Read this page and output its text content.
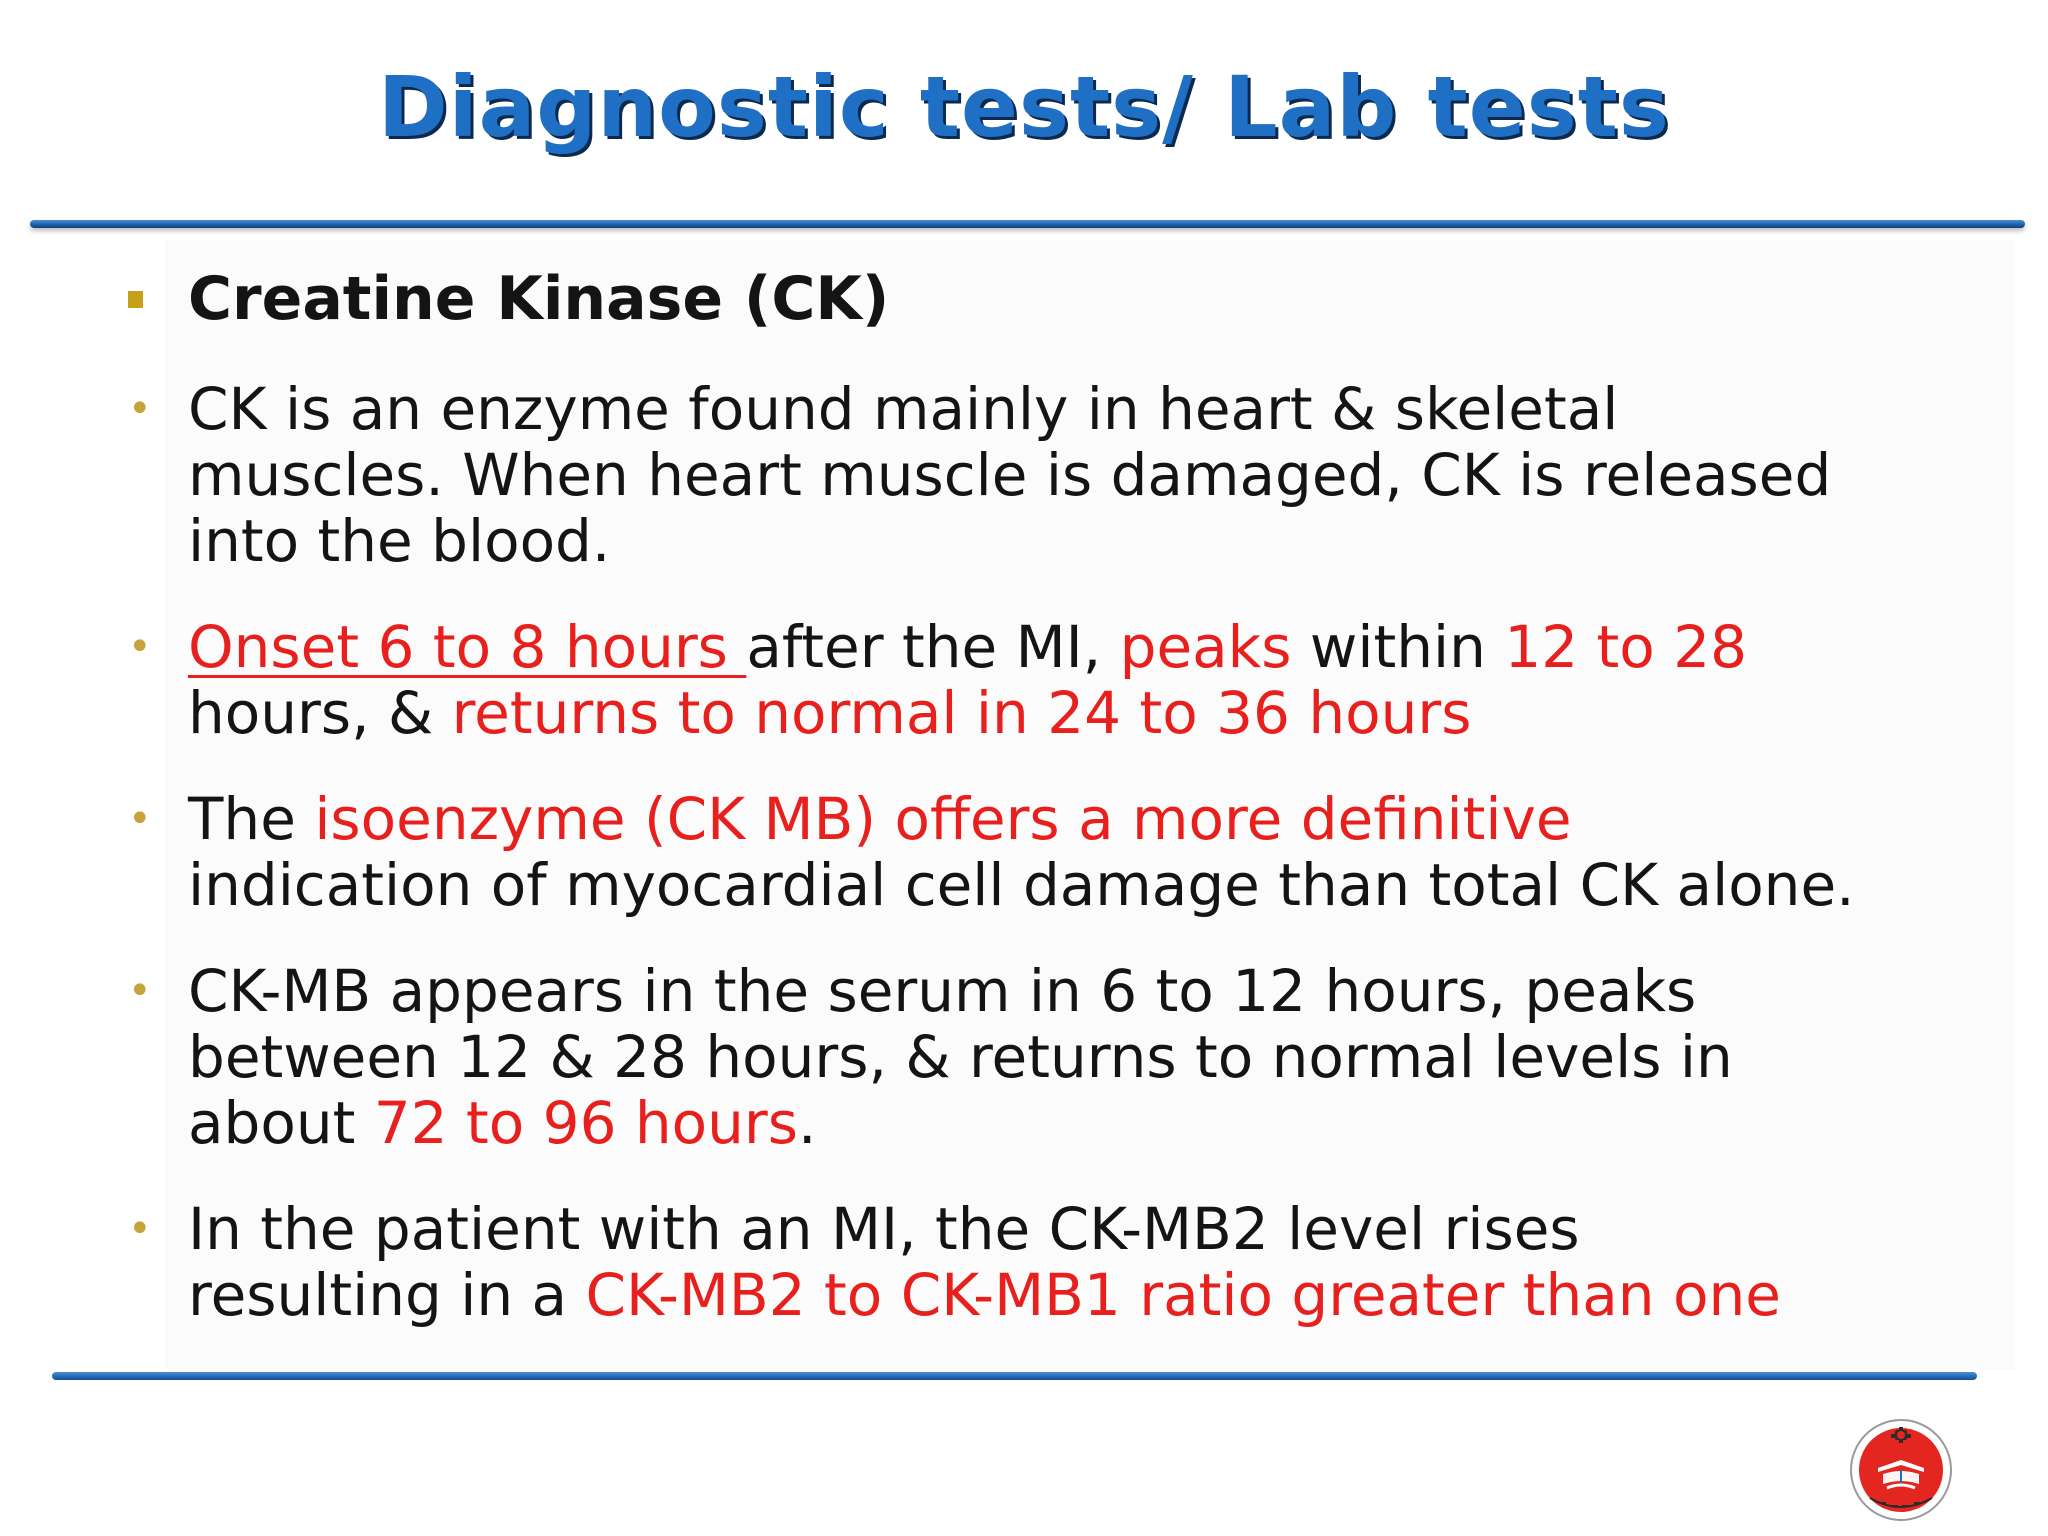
Diagnostic tests/ Lab tests
Creatine Kinase (CK)
• CK is an enzyme found mainly in heart & skeletal
muscles. When heart muscle is damaged, CK is released
into the blood.
• Onset 6 to 8 hours after the MI, peaks within 12 to 28
hours, & returns to normal in 24 to 36 hours
• The isoenzyme (CK MB) offers a more definitive
indication of myocardial cell damage than total CK alone.
• CK-MB appears in the serum in 6 to 12 hours, peaks
between 12 & 28 hours, & returns to normal levels in
about 72 to 96 hours.
• In the patient with an MI, the CK-MB2 level rises
resulting in a CK-MB2 to CK-MB1 ratio greater than one
